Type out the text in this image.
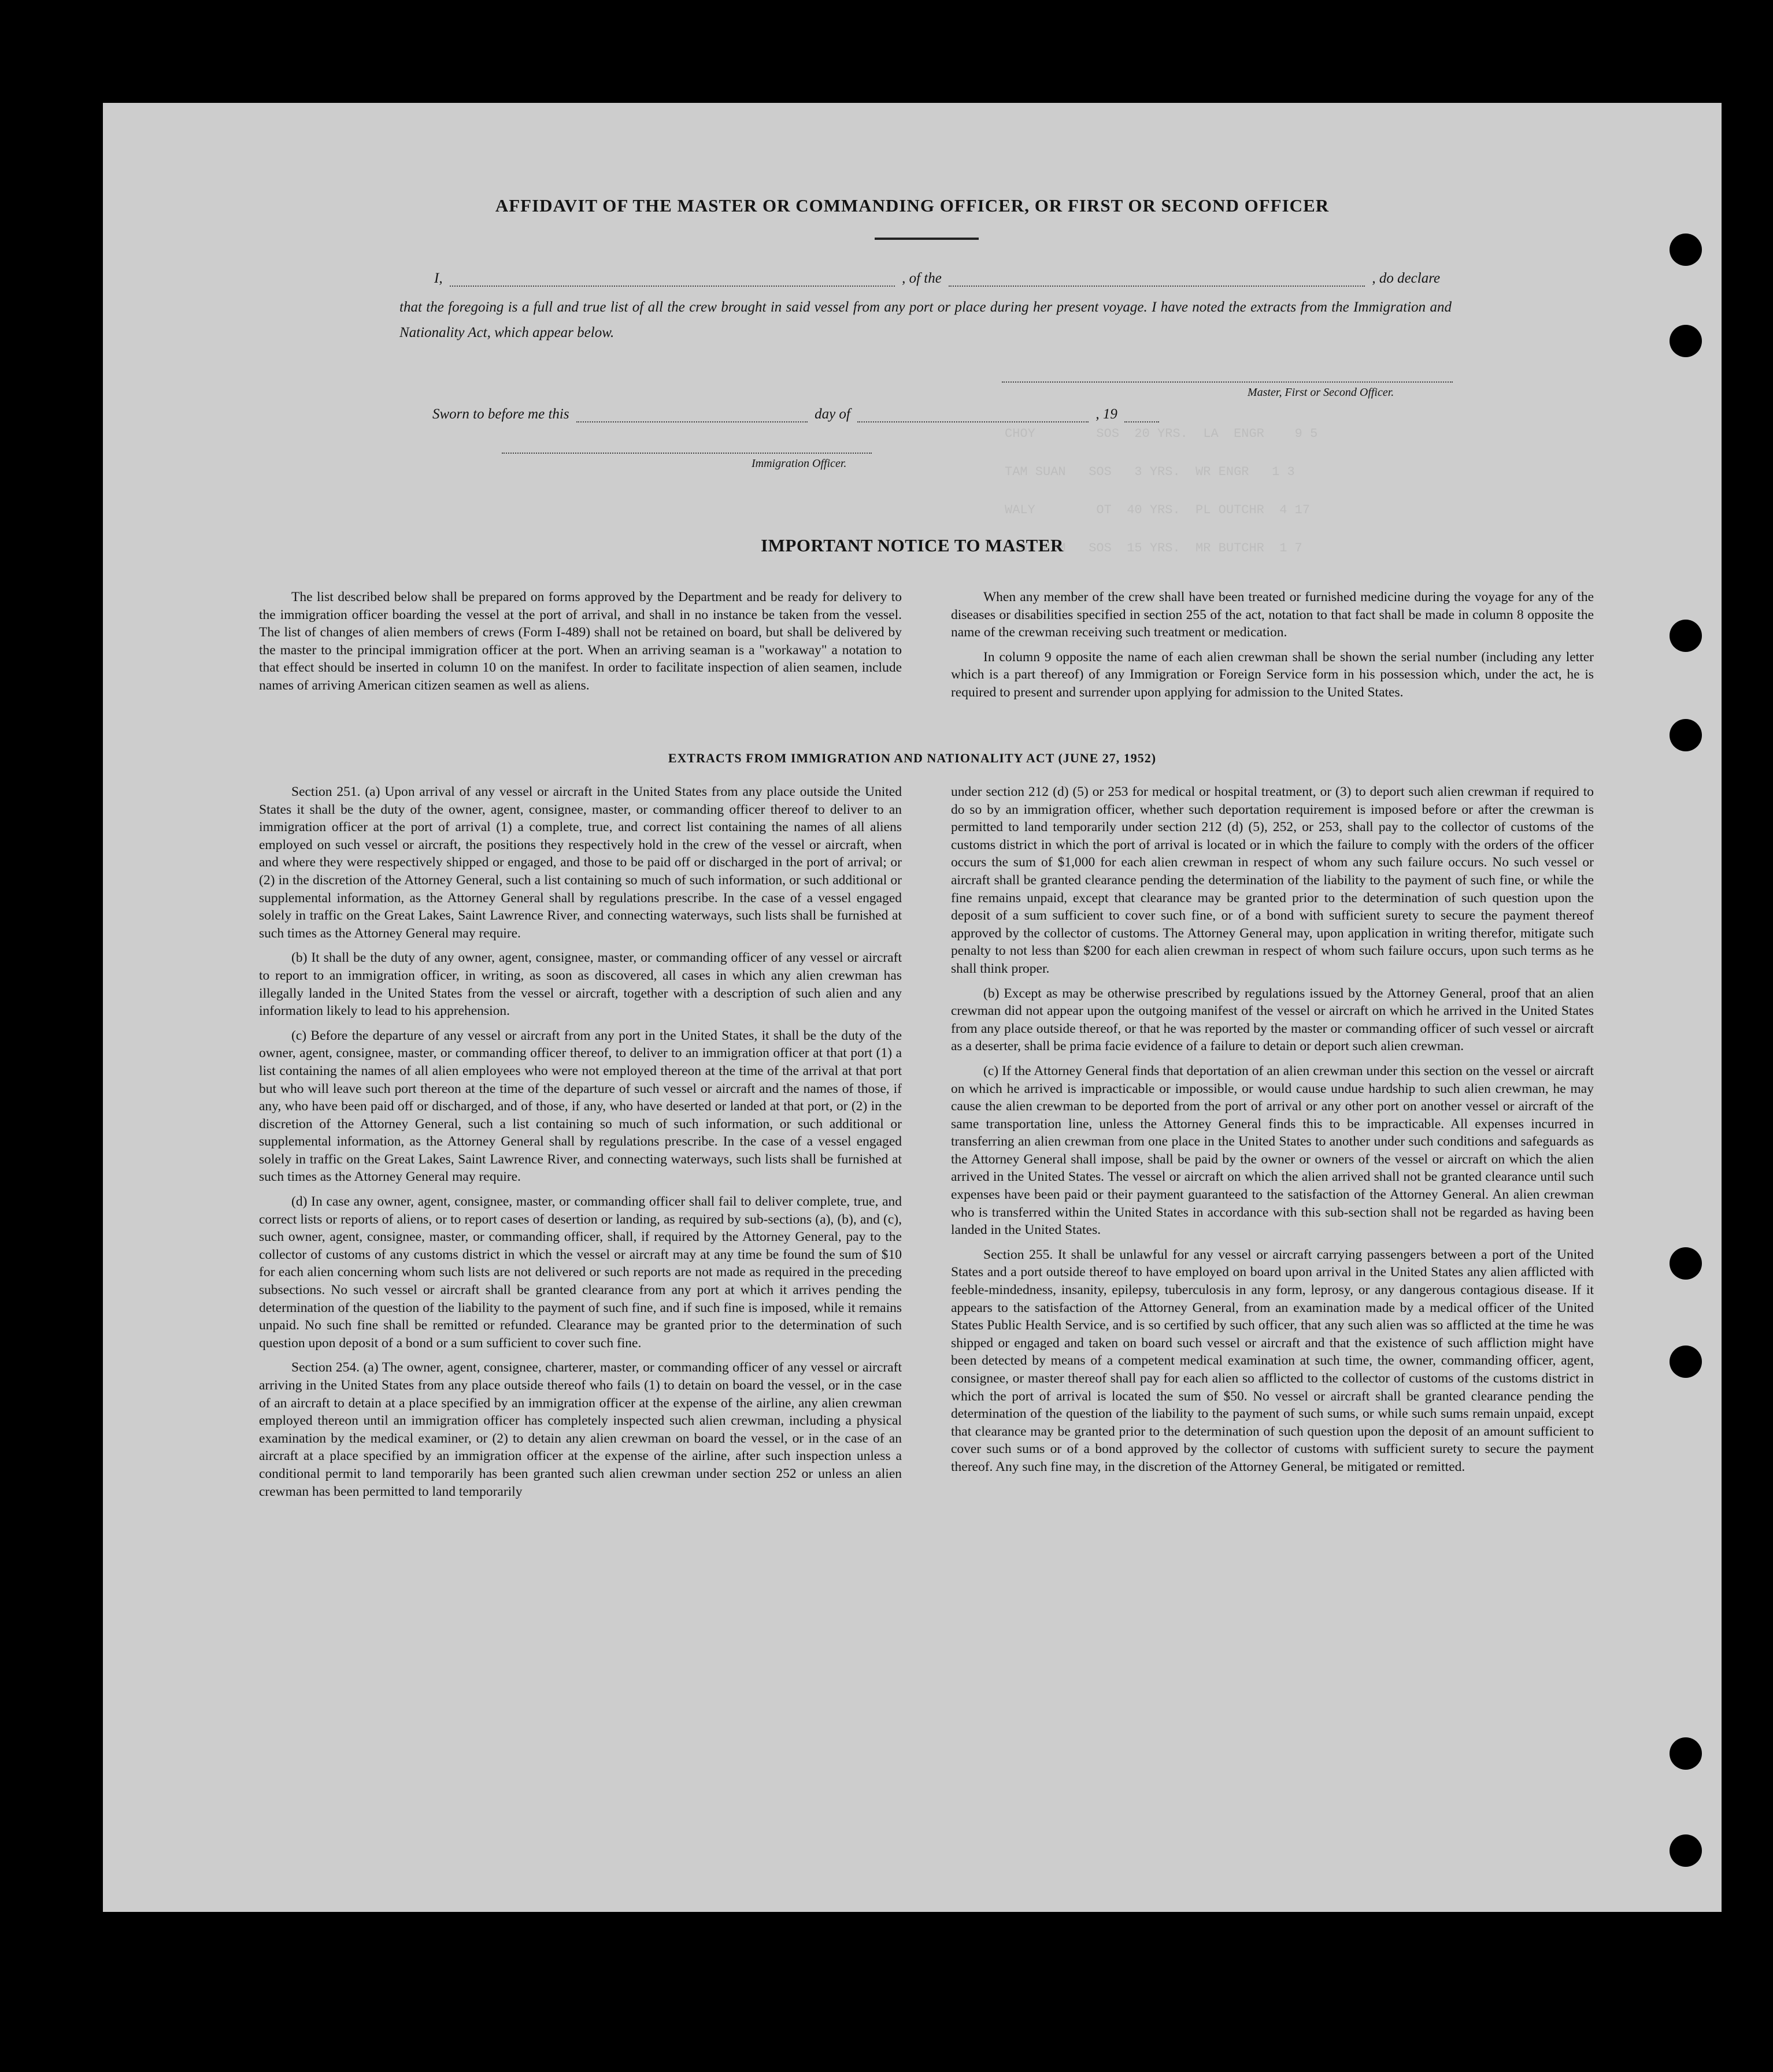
CHOY        SOS  20 YRS.  LA  ENGR    9 5
TAM SUAN   SOS   3 YRS.  WR ENGR   1 3
WALY        OT  40 YRS.  PL OUTCHR  4 17
PANG KIM   SOS  15 YRS.  MR BUTCHR  1 7
AFFIDAVIT OF THE MASTER OR COMMANDING OFFICER, OR FIRST OR SECOND OFFICER
I,	, of the	, do declare
that the foregoing is a full and true list of all the crew brought in said vessel from any port or place during her present voyage. I have noted the extracts from the Immigration and Nationality Act, which appear below.
Master, First or Second Officer.
Sworn to before me this	day of	, 19
Immigration Officer.
IMPORTANT NOTICE TO MASTER

The list described below shall be prepared on forms approved by the Department and be ready for delivery to the immigration officer boarding the vessel at the port of arrival, and shall in no instance be taken from the vessel. The list of changes of alien members of crews (Form I-489) shall not be retained on board, but shall be delivered by the master to the principal immigration officer at the port. When an arriving seaman is a "workaway" a notation to that effect should be inserted in column 10 on the manifest. In order to facilitate inspection of alien seamen, include names of arriving American citizen seamen as well as aliens.

When any member of the crew shall have been treated or furnished medicine during the voyage for any of the diseases or disabilities specified in section 255 of the act, notation to that fact shall be made in column 8 opposite the name of the crewman receiving such treatment or medication.

In column 9 opposite the name of each alien crewman shall be shown the serial number (including any letter which is a part thereof) of any Immigration or Foreign Service form in his possession which, under the act, he is required to present and surrender upon applying for admission to the United States.

EXTRACTS FROM IMMIGRATION AND NATIONALITY ACT (JUNE 27, 1952)

Section 251. (a) Upon arrival of any vessel or aircraft in the United States from any place outside the United States it shall be the duty of the owner, agent, consignee, master, or commanding officer thereof to deliver to an immigration officer at the port of arrival (1) a complete, true, and correct list containing the names of all aliens employed on such vessel or aircraft, the positions they respectively hold in the crew of the vessel or aircraft, when and where they were respectively shipped or engaged, and those to be paid off or discharged in the port of arrival; or (2) in the discretion of the Attorney General, such a list containing so much of such information, or such additional or supplemental information, as the Attorney General shall by regulations prescribe. In the case of a vessel engaged solely in traffic on the Great Lakes, Saint Lawrence River, and connecting waterways, such lists shall be furnished at such times as the Attorney General may require.

(b) It shall be the duty of any owner, agent, consignee, master, or commanding officer of any vessel or aircraft to report to an immigration officer, in writing, as soon as discovered, all cases in which any alien crewman has illegally landed in the United States from the vessel or aircraft, together with a description of such alien and any information likely to lead to his apprehension.

(c) Before the departure of any vessel or aircraft from any port in the United States, it shall be the duty of the owner, agent, consignee, master, or commanding officer thereof, to deliver to an immigration officer at that port (1) a list containing the names of all alien employees who were not employed thereon at the time of the arrival at that port but who will leave such port thereon at the time of the departure of such vessel or aircraft and the names of those, if any, who have been paid off or discharged, and of those, if any, who have deserted or landed at that port, or (2) in the discretion of the Attorney General, such a list containing so much of such information, or such additional or supplemental information, as the Attorney General shall by regulations prescribe. In the case of a vessel engaged solely in traffic on the Great Lakes, Saint Lawrence River, and connecting waterways, such lists shall be furnished at such times as the Attorney General may require.

(d) In case any owner, agent, consignee, master, or commanding officer shall fail to deliver complete, true, and correct lists or reports of aliens, or to report cases of desertion or landing, as required by sub-sections (a), (b), and (c), such owner, agent, consignee, master, or commanding officer, shall, if required by the Attorney General, pay to the collector of customs of any customs district in which the vessel or aircraft may at any time be found the sum of $10 for each alien concerning whom such lists are not delivered or such reports are not made as required in the preceding subsections. No such vessel or aircraft shall be granted clearance from any port at which it arrives pending the determination of the question of the liability to the payment of such fine, and if such fine is imposed, while it remains unpaid. No such fine shall be remitted or refunded. Clearance may be granted prior to the determination of such question upon deposit of a bond or a sum sufficient to cover such fine.

Section 254. (a) The owner, agent, consignee, charterer, master, or commanding officer of any vessel or aircraft arriving in the United States from any place outside thereof who fails (1) to detain on board the vessel, or in the case of an aircraft to detain at a place specified by an immigration officer at the expense of the airline, any alien crewman employed thereon until an immigration officer has completely inspected such alien crewman, including a physical examination by the medical examiner, or (2) to detain any alien crewman on board the vessel, or in the case of an aircraft at a place specified by an immigration officer at the expense of the airline, after such inspection unless a conditional permit to land temporarily has been granted such alien crewman under section 252 or unless an alien crewman has been permitted to land temporarily

under section 212 (d) (5) or 253 for medical or hospital treatment, or (3) to deport such alien crewman if required to do so by an immigration officer, whether such deportation requirement is imposed before or after the crewman is permitted to land temporarily under section 212 (d) (5), 252, or 253, shall pay to the collector of customs of the customs district in which the port of arrival is located or in which the failure to comply with the orders of the officer occurs the sum of $1,000 for each alien crewman in respect of whom any such failure occurs. No such vessel or aircraft shall be granted clearance pending the determination of the liability to the payment of such fine, or while the fine remains unpaid, except that clearance may be granted prior to the determination of such question upon the deposit of a sum sufficient to cover such fine, or of a bond with sufficient surety to secure the payment thereof approved by the collector of customs. The Attorney General may, upon application in writing therefor, mitigate such penalty to not less than $200 for each alien crewman in respect of whom such failure occurs, upon such terms as he shall think proper.

(b) Except as may be otherwise prescribed by regulations issued by the Attorney General, proof that an alien crewman did not appear upon the outgoing manifest of the vessel or aircraft on which he arrived in the United States from any place outside thereof, or that he was reported by the master or commanding officer of such vessel or aircraft as a deserter, shall be prima facie evidence of a failure to detain or deport such alien crewman.

(c) If the Attorney General finds that deportation of an alien crewman under this section on the vessel or aircraft on which he arrived is impracticable or impossible, or would cause undue hardship to such alien crewman, he may cause the alien crewman to be deported from the port of arrival or any other port on another vessel or aircraft of the same transportation line, unless the Attorney General finds this to be impracticable. All expenses incurred in transferring an alien crewman from one place in the United States to another under such conditions and safeguards as the Attorney General shall impose, shall be paid by the owner or owners of the vessel or aircraft on which the alien arrived in the United States. The vessel or aircraft on which the alien arrived shall not be granted clearance until such expenses have been paid or their payment guaranteed to the satisfaction of the Attorney General. An alien crewman who is transferred within the United States in accordance with this sub-section shall not be regarded as having been landed in the United States.

Section 255. It shall be unlawful for any vessel or aircraft carrying passengers between a port of the United States and a port outside thereof to have employed on board upon arrival in the United States any alien afflicted with feeble-mindedness, insanity, epilepsy, tuberculosis in any form, leprosy, or any dangerous contagious disease. If it appears to the satisfaction of the Attorney General, from an examination made by a medical officer of the United States Public Health Service, and is so certified by such officer, that any such alien was so afflicted at the time he was shipped or engaged and taken on board such vessel or aircraft and that the existence of such affliction might have been detected by means of a competent medical examination at such time, the owner, commanding officer, agent, consignee, or master thereof shall pay for each alien so afflicted to the collector of customs of the customs district in which the port of arrival is located the sum of $50. No vessel or aircraft shall be granted clearance pending the determination of the question of the liability to the payment of such sums, or while such sums remain unpaid, except that clearance may be granted prior to the determination of such question upon the deposit of an amount sufficient to cover such sums or of a bond approved by the collector of customs with sufficient surety to secure the payment thereof. Any such fine may, in the discretion of the Attorney General, be mitigated or remitted.
